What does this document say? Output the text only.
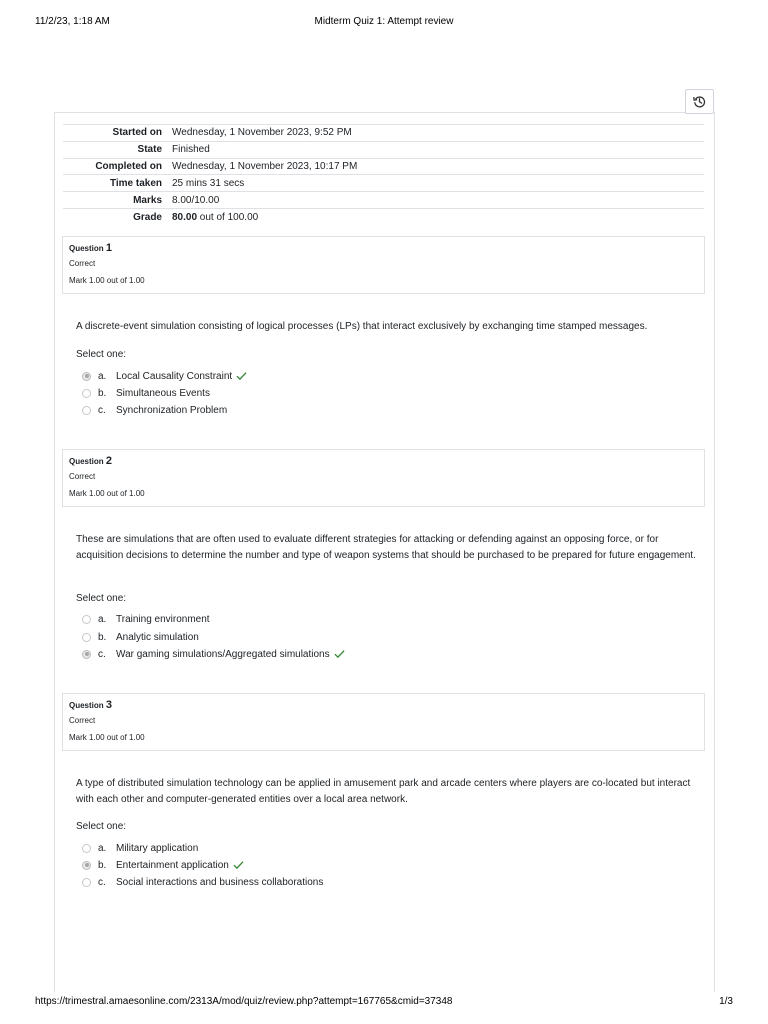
11/2/23, 1:18 AM	Midterm Quiz 1: Attempt review
Started on	Wednesday, 1 November 2023, 9:52 PM
State	Finished
Completed on	Wednesday, 1 November 2023, 10:17 PM
Time taken	25 mins 31 secs
Marks	8.00/10.00
Grade	80.00 out of 100.00
Question 1
Correct
Mark 1.00 out of 1.00
A discrete-event simulation consisting of logical processes (LPs) that interact exclusively by exchanging time stamped messages.
Select one:
a. Local Causality Constraint
b. Simultaneous Events
c.	Synchronization Problem
Question 2
Correct
Mark 1.00 out of 1.00
These are simulations that are often used to evaluate different strategies for attacking or defending against an opposing force, or for acquisition decisions to determine the number and type of weapon systems that should be purchased to be prepared for future engagement.
Select one:
a. Training environment
b. Analytic simulation
c.	War gaming simulations/Aggregated simulations
Question 3
Correct
Mark 1.00 out of 1.00
A type of distributed simulation technology can be applied in amusement park and arcade centers where players are co-located but interact with each other and computer-generated entities over a local area network.
Select one:
a. Military application
b. Entertainment application
c.	Social interactions and business collaborations
https://trimestral.amaesonline.com/2313A/mod/quiz/review.php?attempt=167765&cmid=37348	1/3
